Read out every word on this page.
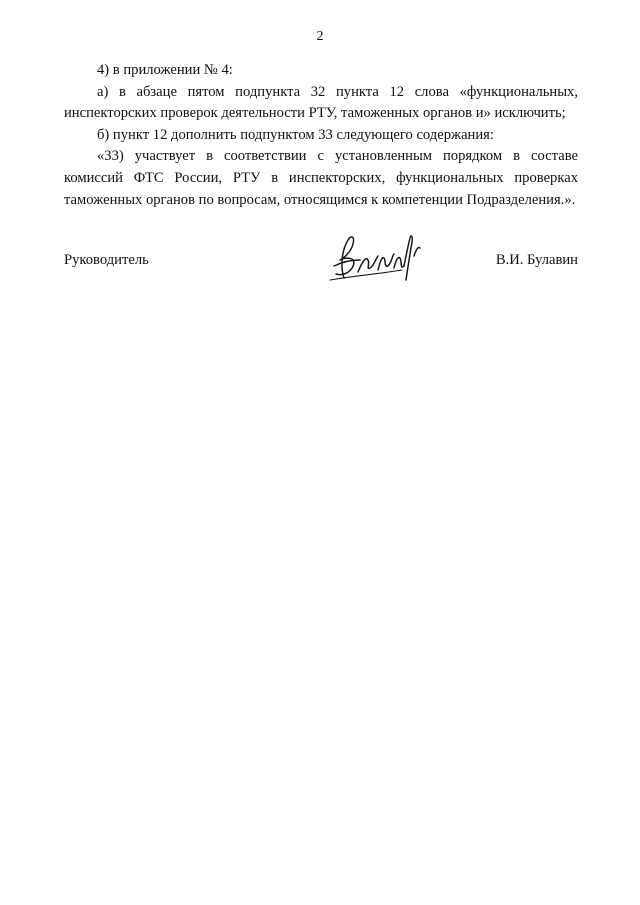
2

4) в приложении № 4:

а) в абзаце пятом подпункта 32 пункта 12 слова «функциональных, инспекторских проверок деятельности РТУ, таможенных органов и» исключить;

б) пункт 12 дополнить подпунктом 33 следующего содержания:

«33) участвует в соответствии с установленным порядком в составе комиссий ФТС России, РТУ в инспекторских, функциональных проверках таможенных органов по вопросам, относящимся к компетенции Подразделения.».

Руководитель	В.И. Булавин
